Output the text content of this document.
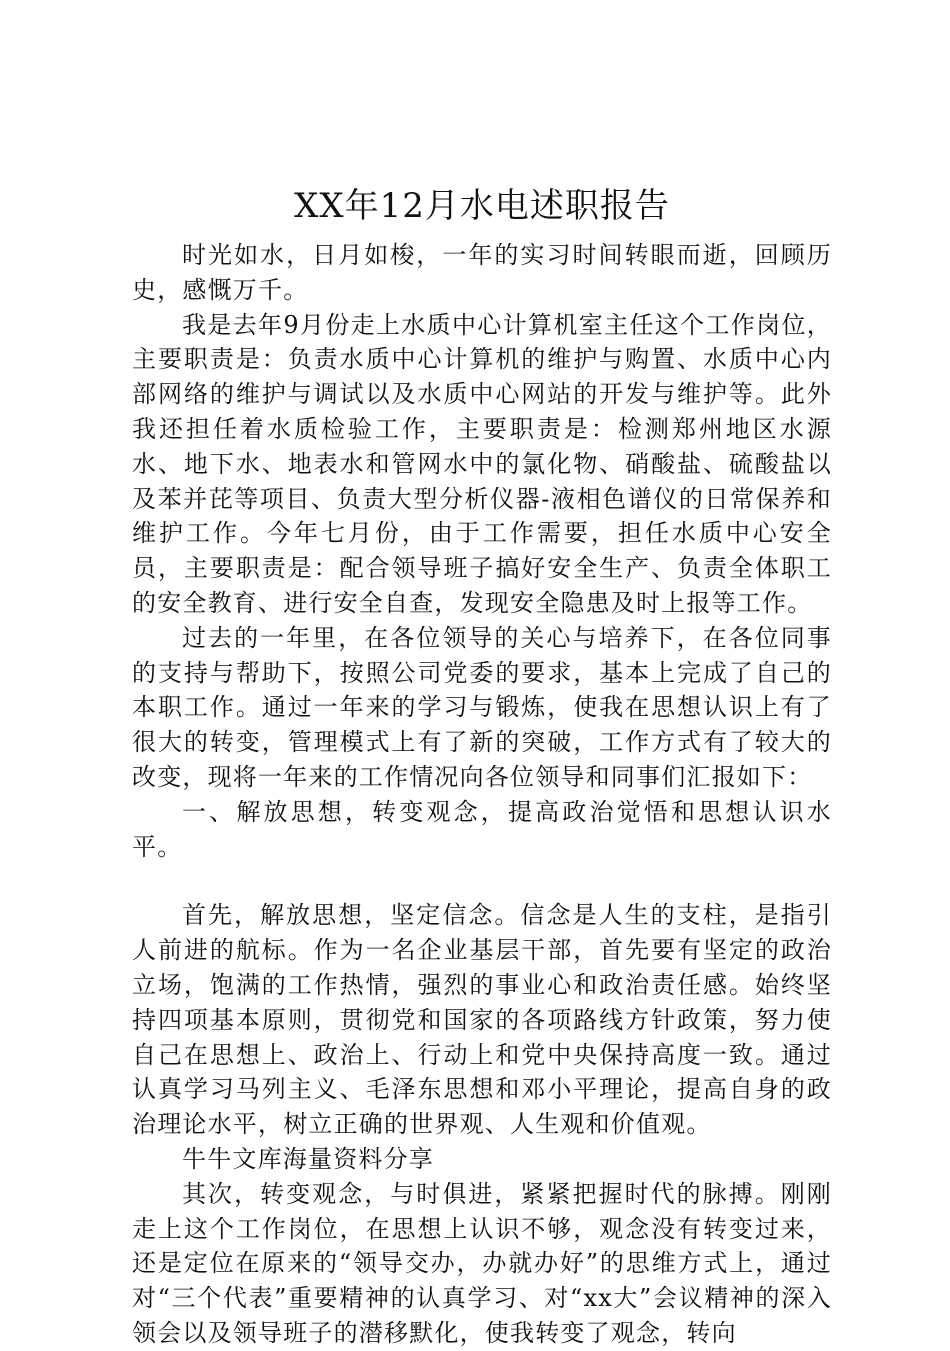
XX年12月水电述职报告

时光如水，日月如梭，一年的实习时间转眼而逝，回顾历史，感慨万千。

我是去年9月份走上水质中心计算机室主任这个工作岗位，主要职责是：负责水质中心计算机的维护与购置、水质中心内部网络的维护与调试以及水质中心网站的开发与维护等。此外我还担任着水质检验工作，主要职责是：检测郑州地区水源水、地下水、地表水和管网水中的氯化物、硝酸盐、硫酸盐以及苯并芘等项目、负责大型分析仪器-液相色谱仪的日常保养和维护工作。今年七月份，由于工作需要，担任水质中心安全员，主要职责是：配合领导班子搞好安全生产、负责全体职工的安全教育、进行安全自查，发现安全隐患及时上报等工作。

过去的一年里，在各位领导的关心与培养下，在各位同事的支持与帮助下，按照公司党委的要求，基本上完成了自己的本职工作。通过一年来的学习与锻炼，使我在思想认识上有了很大的转变，管理模式上有了新的突破，工作方式有了较大的改变，现将一年来的工作情况向各位领导和同事们汇报如下：

一、解放思想，转变观念，提高政治觉悟和思想认识水平。

首先，解放思想，坚定信念。信念是人生的支柱，是指引人前进的航标。作为一名企业基层干部，首先要有坚定的政治立场，饱满的工作热情，强烈的事业心和政治责任感。始终坚持四项基本原则，贯彻党和国家的各项路线方针政策，努力使自己在思想上、政治上、行动上和党中央保持高度一致。通过认真学习马列主义、毛泽东思想和邓小平理论，提高自身的政治理论水平，树立正确的世界观、人生观和价值观。

牛牛文库海量资料分享

其次，转变观念，与时俱进，紧紧把握时代的脉搏。刚刚走上这个工作岗位，在思想上认识不够，观念没有转变过来，还是定位在原来的“领导交办，办就办好”的思维方式上，通过对“三个代表”重要精神的认真学习、对“xx大”会议精神的深入领会以及领导班子的潜移默化，使我转变了观念，转向
